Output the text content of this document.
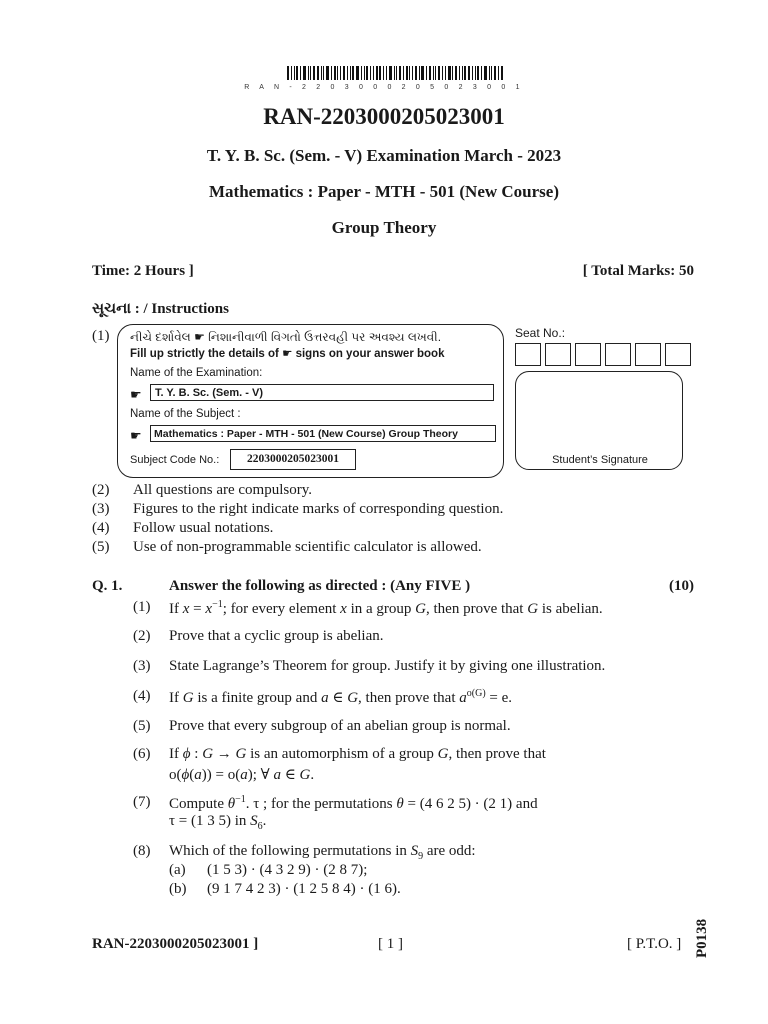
R A N - 2 2 0 3 0 0 0 2 0 5 0 2 3 0 0 1
RAN-2203000205023001
T. Y. B. Sc. (Sem. - V) Examination March - 2023
Mathematics : Paper - MTH - 501 (New Course)
Group Theory
Time: 2 Hours ]	[ Total Marks: 50
સૂચના : / Instructions
(1) નીચે દર્શાવેલ ☛ નિશાનીવાળી વિગતો ઉત્તરવહી પર અવશ્ય લખવી.
Fill up strictly the details of ☛ signs on your answer book
Name of the Examination:
☛	T. Y. B. Sc. (Sem. - V)
Name of the Subject :
☛	Mathematics : Paper - MTH - 501 (New Course) Group Theory
Subject Code No.:	2203000205023001
Seat No.:
Student’s Signature
(2) All questions are compulsory.
(3) Figures to the right indicate marks of corresponding question.
(4) Follow usual notations.
(5) Use of non-programmable scientific calculator is allowed.
Q. 1.	Answer the following as directed : (Any FIVE )	(10)
(1) If $x = x^{-1}$; for every element x in a group G, then prove that G is abelian.
(2) Prove that a cyclic group is abelian.
(3) State Lagrange’s Theorem for group. Justify it by giving one illustration.
(4) If G is a finite group and a ∈ G, then prove that $a^{o(G)} = e$.
(5) Prove that every subgroup of an abelian group is normal.
(6) If ϕ : G → G is an automorphism of a group G, then prove that
o(ϕ(a)) = o(a); ∀ a ∈ G.
(7) Compute $\theta^{-1}$. τ ; for the permutations θ = (4 6 2 5) · (2 1) and
τ = (1 3 5) in $S_6$.
(8) Which of the following permutations in $S_9$ are odd:
(a) (1 5 3) · (4 3 2 9) · (2 8 7);
(b) (9 1 7 4 2 3) · (1 2 5 8 4) · (1 6).
RAN-2203000205023001 ]	[ 1 ]	[ P.T.O. ] P0138
